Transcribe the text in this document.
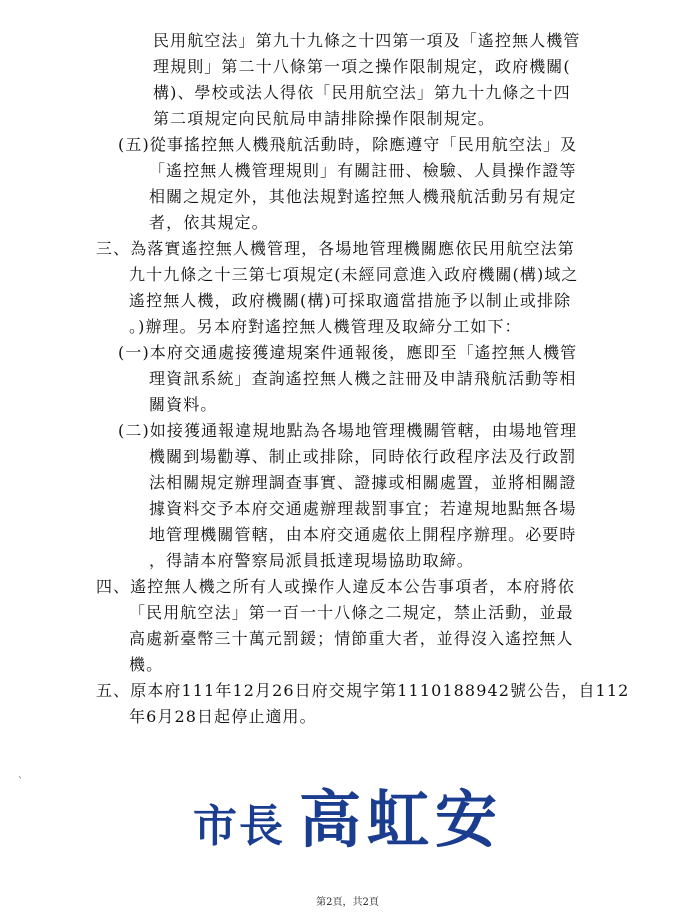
民用航空法」第九十九條之十四第一項及「遙控無人機管
理規則」第二十八條第一項之操作限制規定，政府機關(
構)、學校或法人得依「民用航空法」第九十九條之十四
第二項規定向民航局申請排除操作限制規定。
(五)從事搖控無人機飛航活動時，除應遵守「民用航空法」及
「遙控無人機管理規則」有關註冊、檢驗、人員操作證等
相關之規定外，其他法規對遙控無人機飛航活動另有規定
者，依其規定。
三、為落實遙控無人機管理，各場地管理機關應依民用航空法第
九十九條之十三第七項規定(未經同意進入政府機關(構)域之
遙控無人機，政府機關(構)可採取適當措施予以制止或排除
。)辦理。另本府對遙控無人機管理及取締分工如下：
(一)本府交通處接獲違規案件通報後，應即至「遙控無人機管
理資訊系統」查詢遙控無人機之註冊及申請飛航活動等相
關資料。
(二)如接獲通報違規地點為各場地管理機關管轄，由場地管理
機關到場勸導、制止或排除，同時依行政程序法及行政罰
法相關規定辦理調查事實、證據或相關處置，並將相關證
據資料交予本府交通處辦理裁罰事宜；若違規地點無各場
地管理機關管轄，由本府交通處依上開程序辦理。必要時
，得請本府警察局派員抵達現場協助取締。
四、遙控無人機之所有人或操作人違反本公告事項者，本府將依
「民用航空法」第一百一十八條之二規定，禁止活動，並最
高處新臺幣三十萬元罰鍰；情節重大者，並得沒入遙控無人
機。
五、原本府111年12月26日府交規字第1110188942號公告，自112
年6月28日起停止適用。
、
市長 高虹安
第2頁，共2頁
